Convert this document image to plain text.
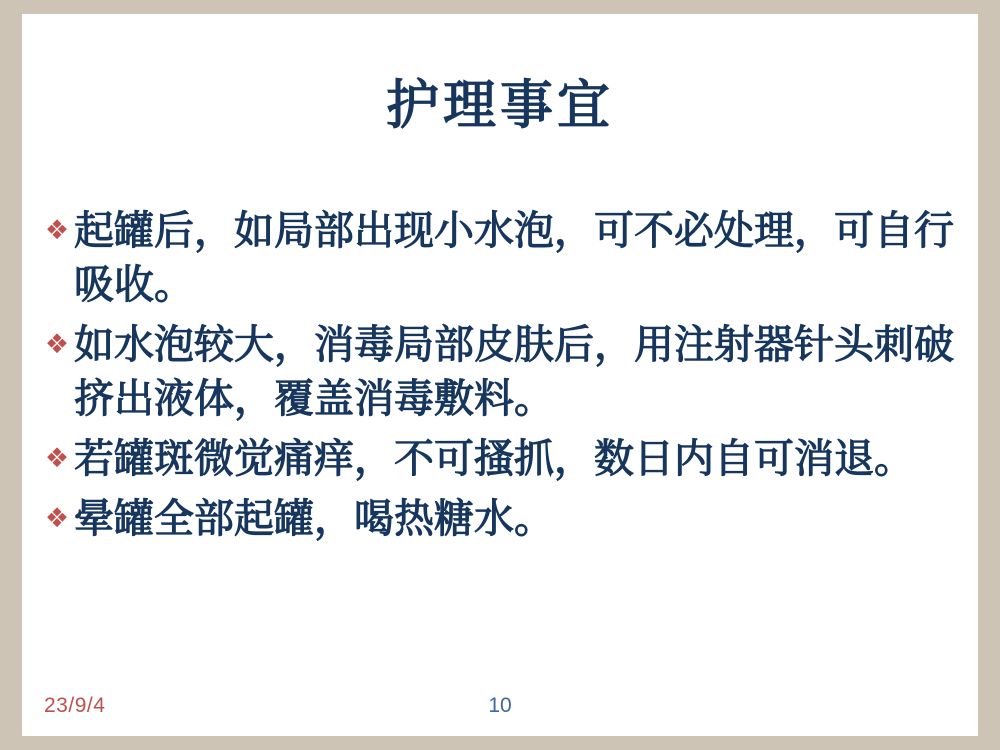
护理事宜
❖ 起罐后，如局部出现小水泡，可不必处理，可自行吸收。
❖ 如水泡较大，消毒局部皮肤后，用注射器针头刺破挤出液体，覆盖消毒敷料。
❖ 若罐斑微觉痛痒，不可搔抓，数日内自可消退。
❖ 晕罐全部起罐，喝热糖水。
23/9/4	10
